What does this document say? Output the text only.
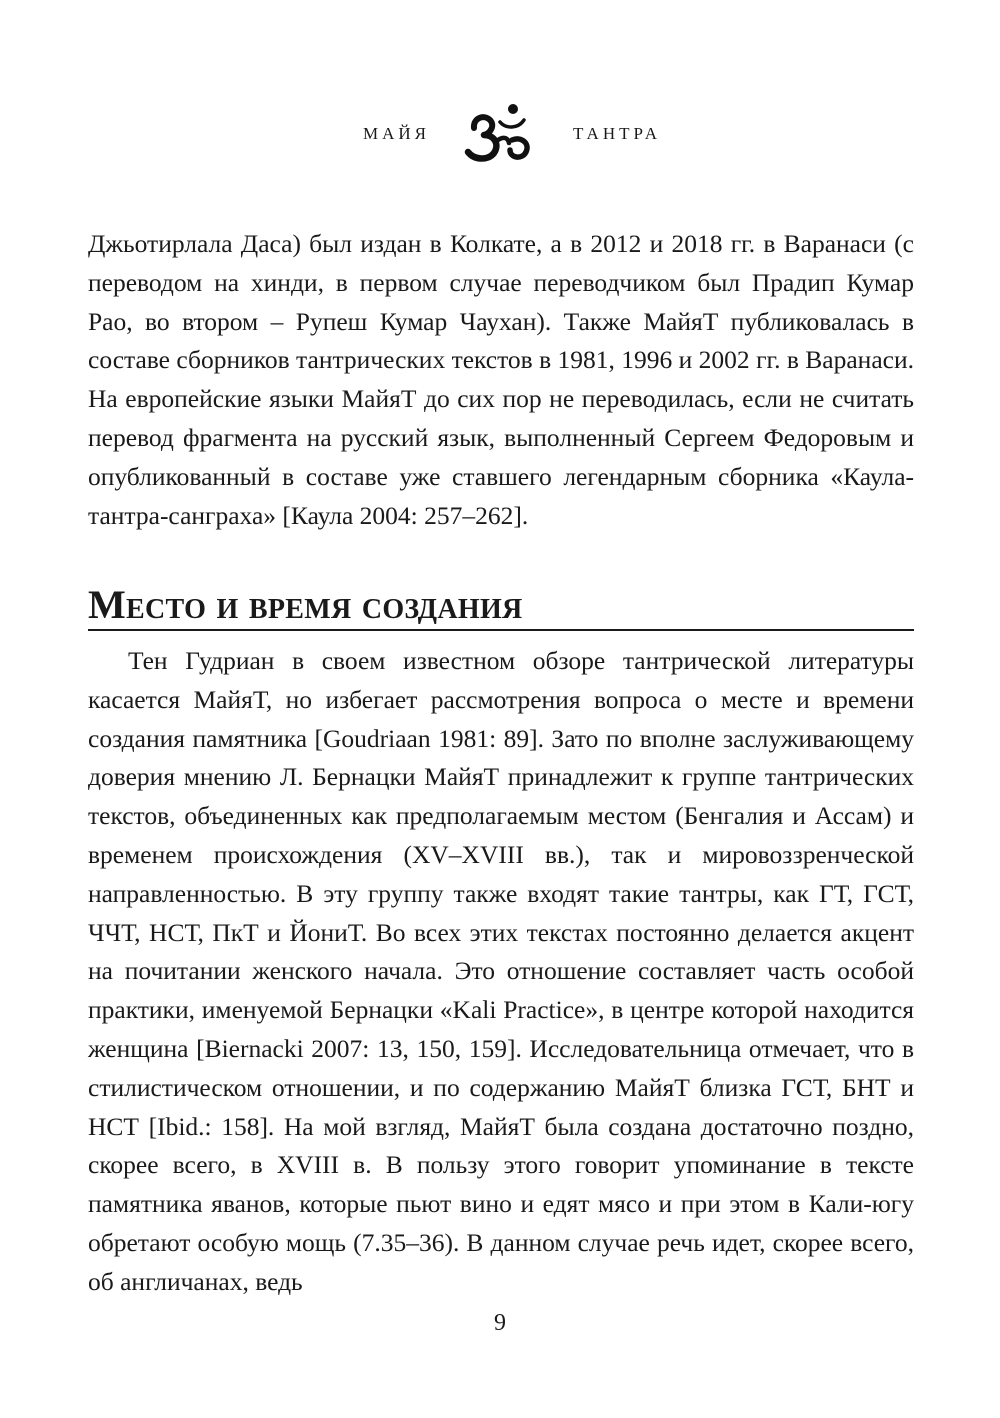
МАЙЯ	ТАНТРА

Джьотирлала Даса) был издан в Колкате, а в 2012 и 2018 гг. в Варанаси (с переводом на хинди, в первом случае переводчиком был Прадип Кумар Рао, во втором – Рупеш Кумар Чаухан). Также МайяТ публиковалась в составе сборников тантрических текстов в 1981, 1996 и 2002 гг. в Варанаси. На европейские языки МайяТ до сих пор не переводилась, если не считать перевод фрагмента на русский язык, выполненный Сергеем Федоровым и опубликованный в составе уже ставшего легендарным сборника «Каула-тантра-санграха» [Каула 2004: 257–262].

Место и время создания

Тен Гудриан в своем известном обзоре тантрической литературы касается МайяТ, но избегает рассмотрения вопроса о месте и времени создания памятника [Goudriaan 1981: 89]. Зато по вполне заслуживающему доверия мнению Л. Бернацки МайяТ принадлежит к группе тантрических текстов, объединенных как предполагаемым местом (Бенгалия и Ассам) и временем происхождения (XV–XVIII вв.), так и мировоззренческой направленностью. В эту группу также входят такие тантры, как ГТ, ГСТ, ЧЧТ, НСТ, ПкТ и ЙониТ. Во всех этих текстах постоянно делается акцент на почитании женского начала. Это отношение составляет часть особой практики, именуемой Бернацки «Kali Practice», в центре которой находится женщина [Biernacki 2007: 13, 150, 159]. Исследовательница отмечает, что в стилистическом отношении, и по содержанию МайяТ близка ГСТ, БНТ и НСТ [Ibid.: 158]. На мой взгляд, МайяТ была создана достаточно поздно, скорее всего, в XVIII в. В пользу этого говорит упоминание в тексте памятника яванов, которые пьют вино и едят мясо и при этом в Кали-югу обретают особую мощь (7.35–36). В данном случае речь идет, скорее всего, об англичанах, ведь

9
